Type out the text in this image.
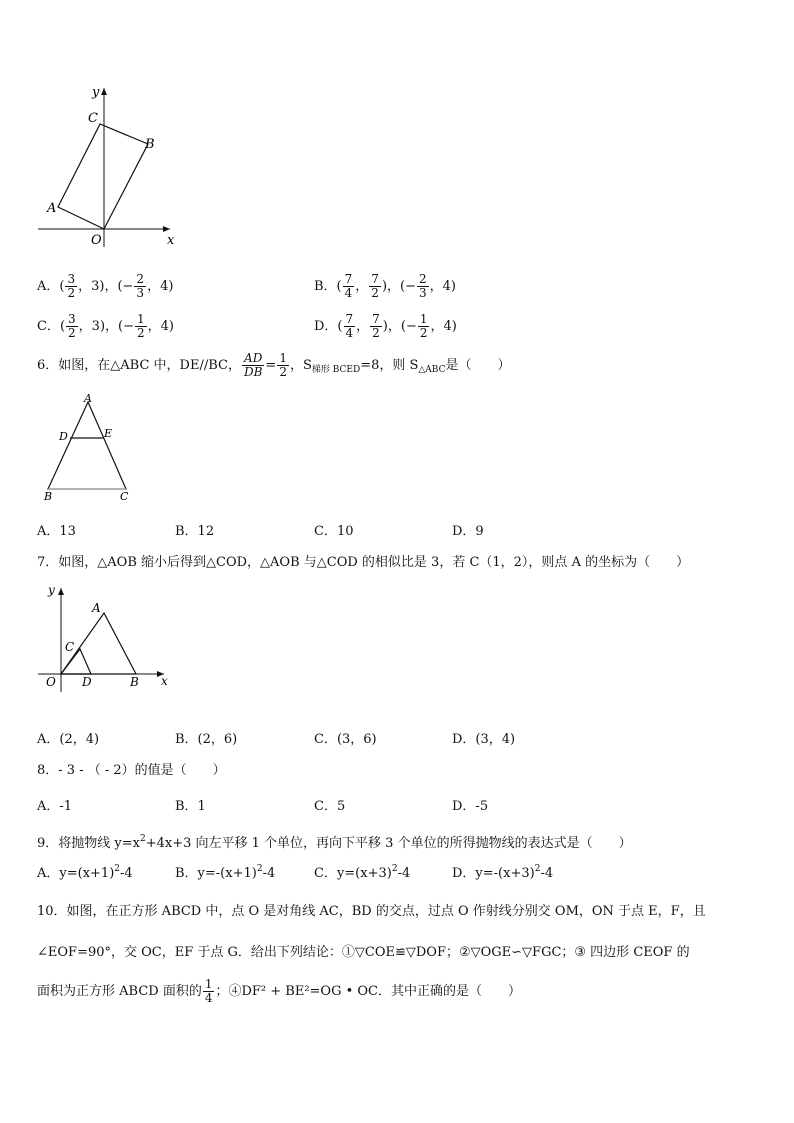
y
x
O
A
C
B
A．( $\frac{3}{2}$ ，3)，(− $\frac{2}{3}$ ，4)	B．( $\frac{7}{4}$ ， $\frac{7}{2}$ )，(− $\frac{2}{3}$ ，4)
C．( $\frac{3}{2}$ ，3)，(− $\frac{1}{2}$ ，4)	D．( $\frac{7}{4}$ ， $\frac{7}{2}$ )，(− $\frac{1}{2}$ ，4)
6．如图，在△ABC 中，DE//BC， $\frac{AD}{DB} = \frac{1}{2}$ ，$S_{梯形 BCED}=8$，则 $S_{\triangle ABC}$是（　　）
A
D	E
B	C
A．13	B．12	C．10	D．9
7．如图，△AOB 缩小后得到△COD，△AOB 与△COD 的相似比是 3，若 C（1，2），则点 A 的坐标为（　　）
y
x
O
A
C
D	B
A．(2，4)	B．(2，6)	C．(3，6)	D．(3，4)
8．- 3 - （ - 2）的值是（　　）
A．-1	B．1	C．5	D．-5
9．将抛物线 $y=x^2+4x+3$ 向左平移 1 个单位，再向下平移 3 个单位的所得抛物线的表达式是（　　）
A．$y=(x+1)^2-4$	B．$y=-(x+1)^2-4$	C．$y=(x+3)^2-4$	D．$y=-(x+3)^2-4$
10．如图，在正方形 ABCD 中，点 O 是对角线 AC，BD 的交点，过点 O 作射线分别交 OM，ON 于点 E，F，且
∠EOF=90°，交 OC，EF 于点 G．给出下列结论：①▽COE≌▽DOF；②▽OGE∽▽FGC；③ 四边形 CEOF 的
面积为正方形 ABCD 面积的 $\frac{1}{4}$ ；④DF² + BE²=OG • OC．其中正确的是（　　）
